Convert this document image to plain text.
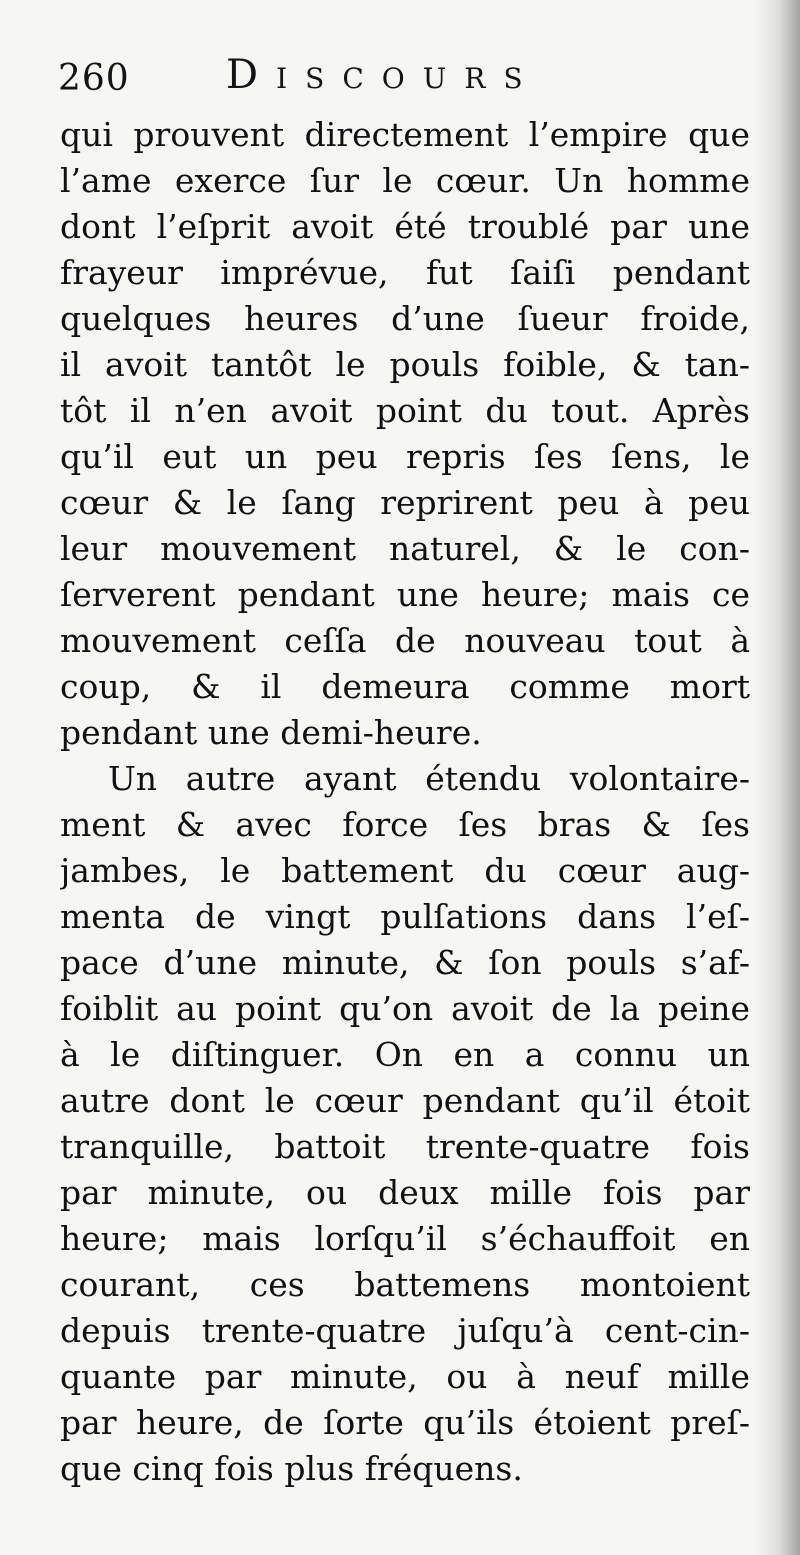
260 Discours
qui prouvent directement l’empire que
l’ame exerce ſur le cœur. Un homme
dont l’eſprit avoit été troublé par une
frayeur imprévue, fut ſaiſi pendant
quelques heures d’une ſueur froide,
il avoit tantôt le pouls foible, & tan-
tôt il n’en avoit point du tout. Après
qu’il eut un peu repris ſes ſens, le
cœur & le ſang reprirent peu à peu
leur mouvement naturel, & le con-
ſerverent pendant une heure; mais ce
mouvement ceſſa de nouveau tout à
coup, & il demeura comme mort
pendant une demi-heure.
Un autre ayant étendu volontaire-
ment & avec force ſes bras & ſes
jambes, le battement du cœur aug-
menta de vingt pulſations dans l’eſ-
pace d’une minute, & ſon pouls s’af-
foiblit au point qu’on avoit de la peine
à le diſtinguer. On en a connu un
autre dont le cœur pendant qu’il étoit
tranquille, battoit trente-quatre fois
par minute, ou deux mille fois par
heure; mais lorſqu’il s’échauffoit en
courant, ces battemens montoient
depuis trente-quatre juſqu’à cent-cin-
quante par minute, ou à neuf mille
par heure, de ſorte qu’ils étoient preſ-
que cinq fois plus fréquens.
